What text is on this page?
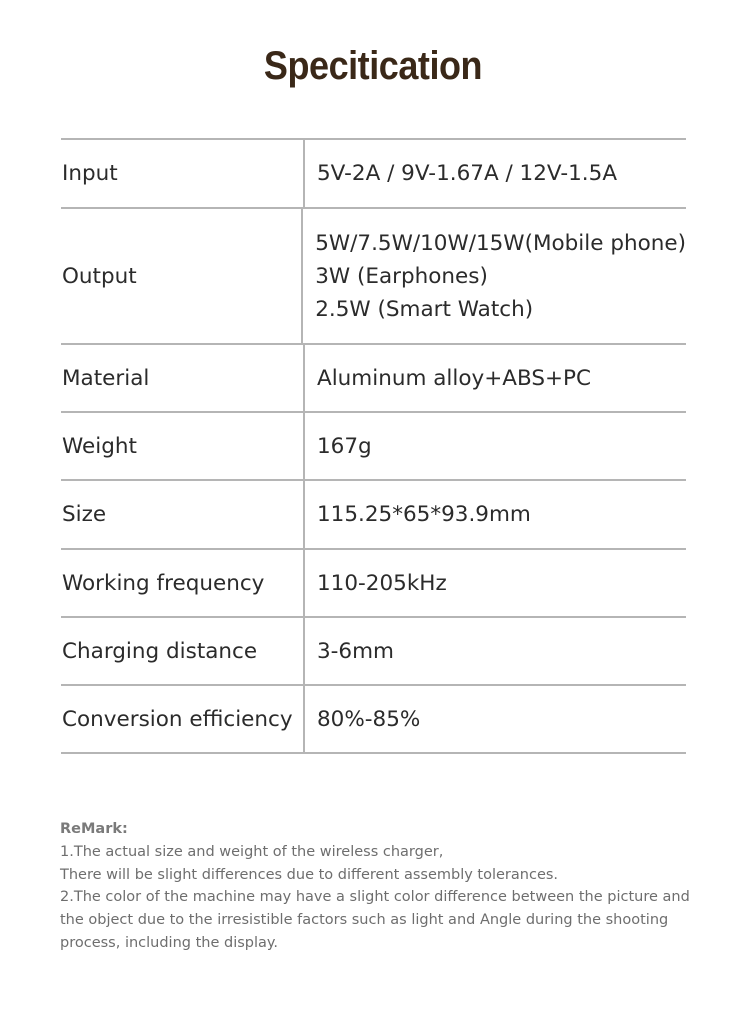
Specitication
Input	5V-2A / 9V-1.67A / 12V-1.5A
Output
5W/7.5W/10W/15W(Mobile phone)
3W (Earphones)
2.5W (Smart Watch)
Material	Aluminum alloy+ABS+PC
Weight	167g
Size	115.25*65*93.9mm
Working frequency	110-205kHz
Charging distance	3-6mm
Conversion efficiency	80%-85%
ReMark:
1.The actual size and weight of the wireless charger,
There will be slight differences due to different assembly tolerances.
2.The color of the machine may have a slight color difference between the picture and
the object due to the irresistible factors such as light and Angle during the shooting
process, including the display.
